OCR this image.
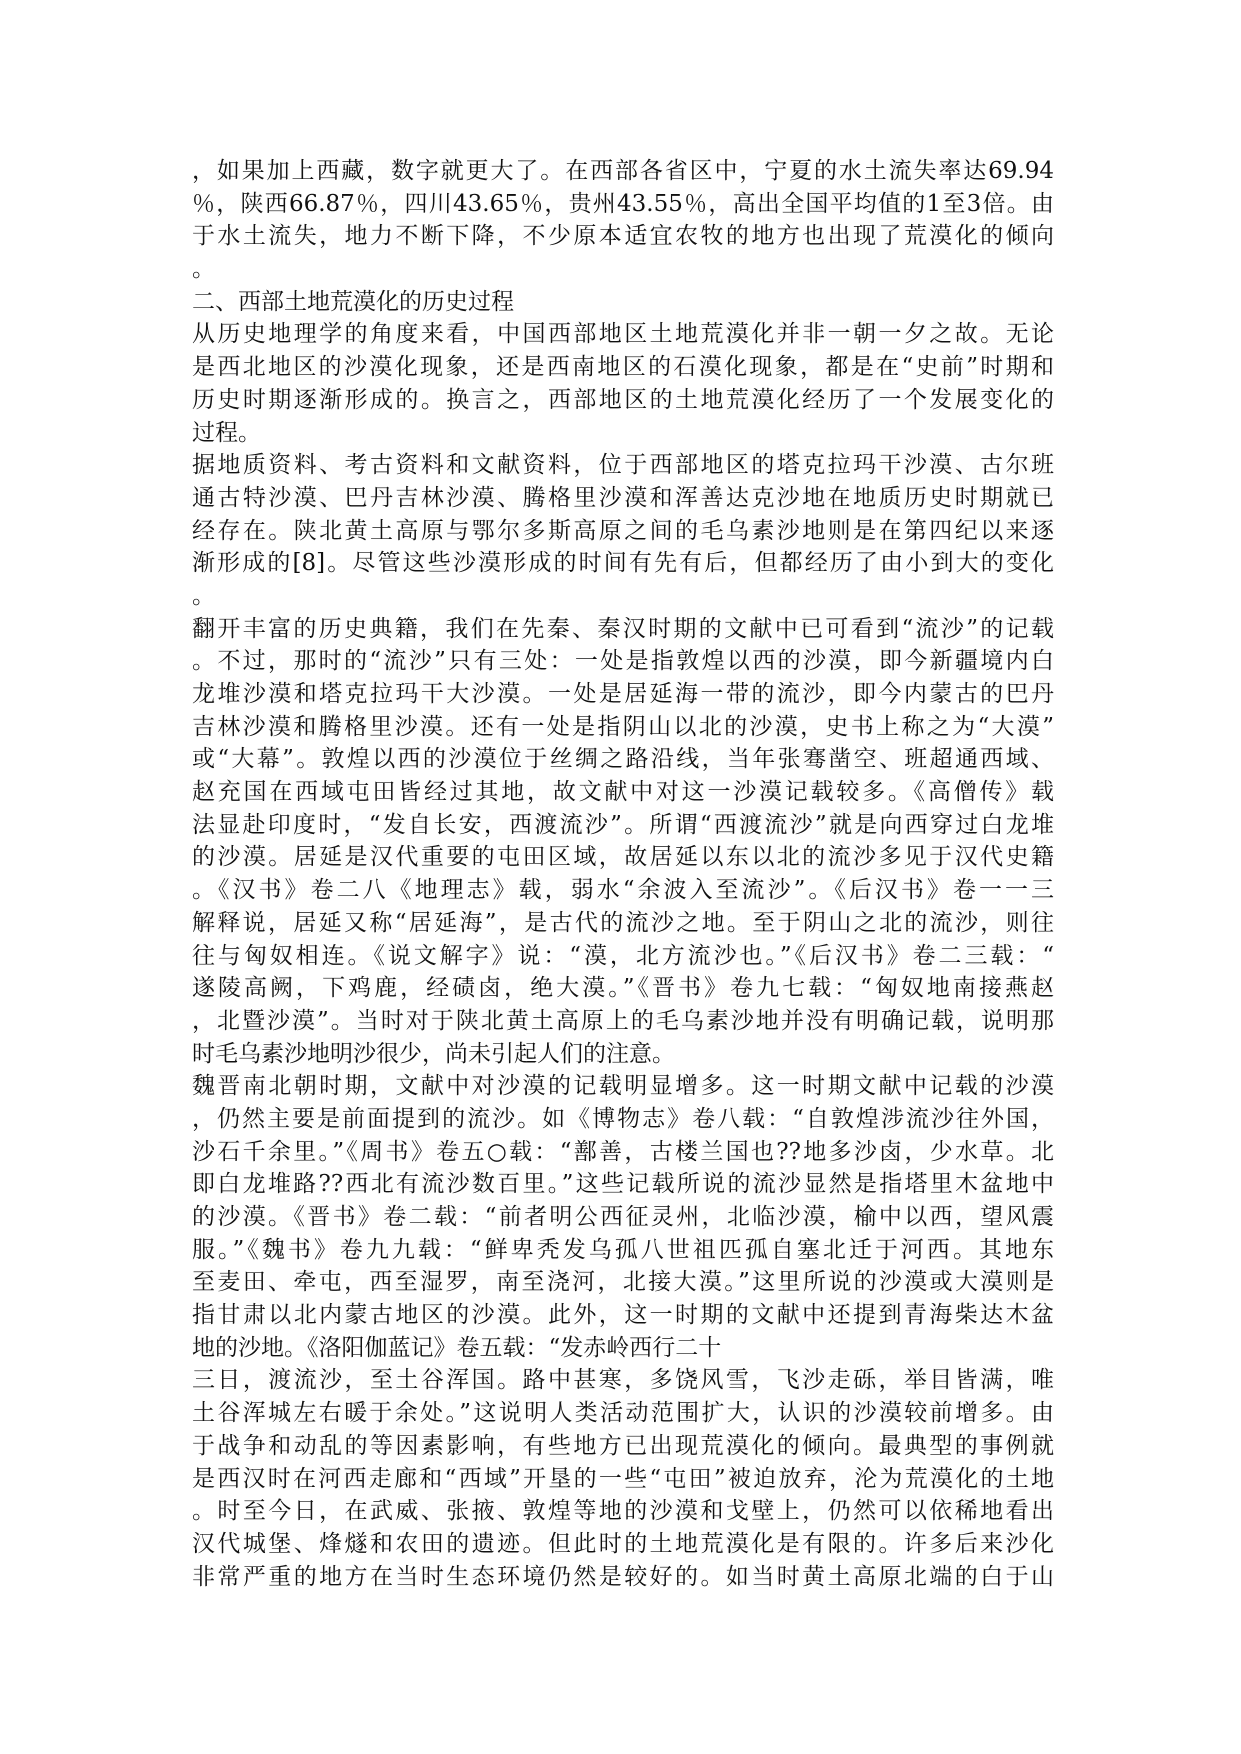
，如果加上西藏，数字就更大了。在西部各省区中，宁夏的水土流失率达69.94
％，陕西66.87％，四川43.65％，贵州43.55％，高出全国平均值的1至3倍。由
于水土流失，地力不断下降，不少原本适宜农牧的地方也出现了荒漠化的倾向
。
二、西部土地荒漠化的历史过程
从历史地理学的角度来看，中国西部地区土地荒漠化并非一朝一夕之故。无论
是西北地区的沙漠化现象，还是西南地区的石漠化现象，都是在“史前”时期和
历史时期逐渐形成的。换言之，西部地区的土地荒漠化经历了一个发展变化的
过程。
据地质资料、考古资料和文献资料，位于西部地区的塔克拉玛干沙漠、古尔班
通古特沙漠、巴丹吉林沙漠、腾格里沙漠和浑善达克沙地在地质历史时期就已
经存在。陕北黄土高原与鄂尔多斯高原之间的毛乌素沙地则是在第四纪以来逐
渐形成的[8]。尽管这些沙漠形成的时间有先有后，但都经历了由小到大的变化
。
翻开丰富的历史典籍，我们在先秦、秦汉时期的文献中已可看到“流沙”的记载
。不过，那时的“流沙”只有三处：一处是指敦煌以西的沙漠，即今新疆境内白
龙堆沙漠和塔克拉玛干大沙漠。一处是居延海一带的流沙，即今内蒙古的巴丹
吉林沙漠和腾格里沙漠。还有一处是指阴山以北的沙漠，史书上称之为“大漠”
或“大幕”。敦煌以西的沙漠位于丝绸之路沿线，当年张骞凿空、班超通西域、
赵充国在西域屯田皆经过其地，故文献中对这一沙漠记载较多。《高僧传》载
法显赴印度时，“发自长安，西渡流沙”。所谓“西渡流沙”就是向西穿过白龙堆
的沙漠。居延是汉代重要的屯田区域，故居延以东以北的流沙多见于汉代史籍
。《汉书》卷二八《地理志》载，弱水“余波入至流沙”。《后汉书》卷一一三
解释说，居延又称“居延海”，是古代的流沙之地。至于阴山之北的流沙，则往
往与匈奴相连。《说文解字》说：“漠，北方流沙也。”《后汉书》卷二三载：“
遂陵高阙，下鸡鹿，经碛卤，绝大漠。”《晋书》卷九七载：“匈奴地南接燕赵
，北暨沙漠”。当时对于陕北黄土高原上的毛乌素沙地并没有明确记载，说明那
时毛乌素沙地明沙很少，尚未引起人们的注意。
魏晋南北朝时期，文献中对沙漠的记载明显增多。这一时期文献中记载的沙漠
，仍然主要是前面提到的流沙。如《博物志》卷八载：“自敦煌涉流沙往外国，
沙石千余里。”《周书》卷五○载：“鄯善，古楼兰国也??地多沙卤，少水草。北
即白龙堆路??西北有流沙数百里。”这些记载所说的流沙显然是指塔里木盆地中
的沙漠。《晋书》卷二载：“前者明公西征灵州，北临沙漠，榆中以西，望风震
服。”《魏书》卷九九载：“鲜卑秃发乌孤八世祖匹孤自塞北迁于河西。其地东
至麦田、牵屯，西至湿罗，南至浇河，北接大漠。”这里所说的沙漠或大漠则是
指甘肃以北内蒙古地区的沙漠。此外，这一时期的文献中还提到青海柴达木盆
地的沙地。《洛阳伽蓝记》卷五载：“发赤岭西行二十
三日，渡流沙，至土谷浑国。路中甚寒，多饶风雪，飞沙走砾，举目皆满，唯
土谷浑城左右暖于余处。”这说明人类活动范围扩大，认识的沙漠较前增多。由
于战争和动乱的等因素影响，有些地方已出现荒漠化的倾向。最典型的事例就
是西汉时在河西走廊和“西域”开垦的一些“屯田”被迫放弃，沦为荒漠化的土地
。时至今日，在武威、张掖、敦煌等地的沙漠和戈壁上，仍然可以依稀地看出
汉代城堡、烽燧和农田的遗迹。但此时的土地荒漠化是有限的。许多后来沙化
非常严重的地方在当时生态环境仍然是较好的。如当时黄土高原北端的白于山
